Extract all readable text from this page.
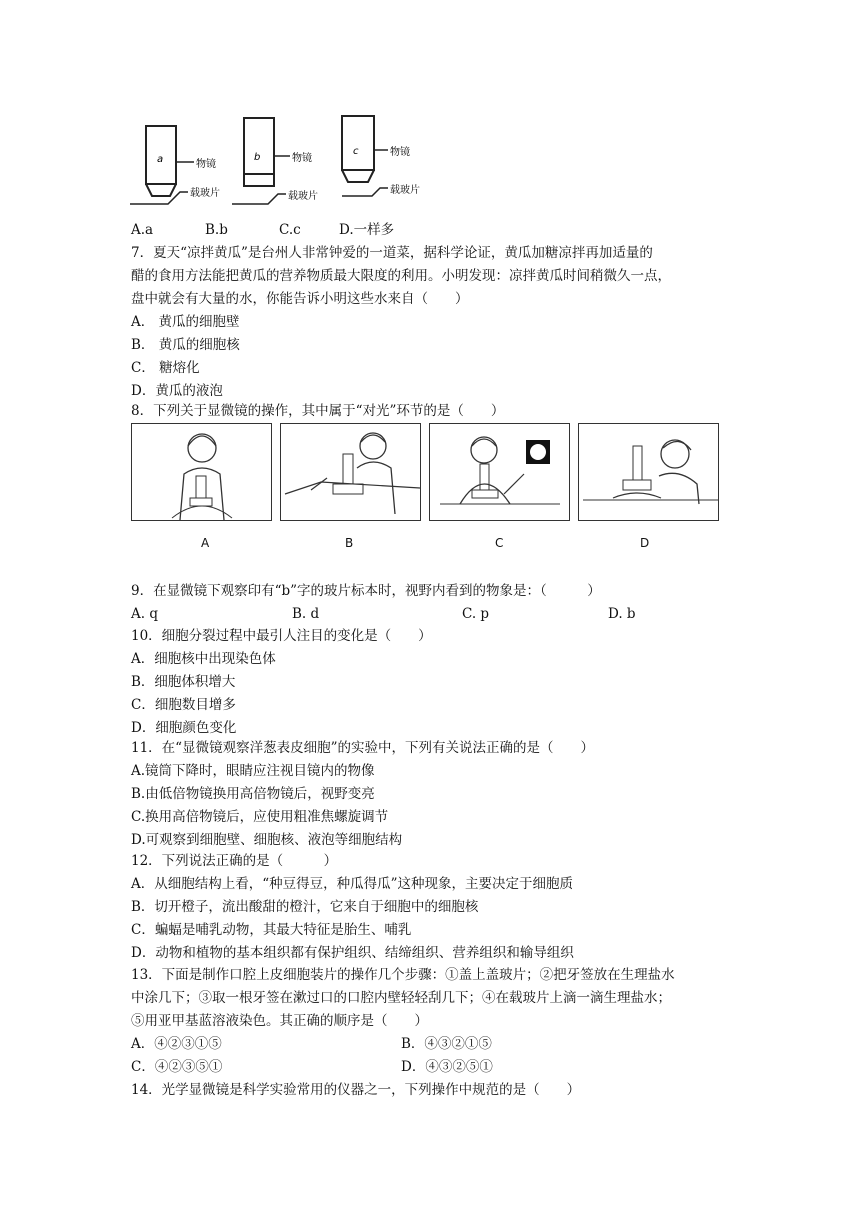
a	物镜
载玻片
b	物镜
载玻片
c	物镜
载玻片
A.a	B.b	C.c	D.一样多
7．夏天“凉拌黄瓜”是台州人非常钟爱的一道菜，据科学论证，黄瓜加糖凉拌再加适量的
醋的食用方法能把黄瓜的营养物质最大限度的利用。小明发现：凉拌黄瓜时间稍微久一点，
盘中就会有大量的水，你能告诉小明这些水来自（　　）
A． 黄瓜的细胞壁
B． 黄瓜的细胞核
C． 糖熔化
D．黄瓜的液泡
8．下列关于显微镜的操作，其中属于“对光”环节的是（　　）
A	B	C	D
9．在显微镜下观察印有“b”字的玻片标本时，视野内看到的物象是：（　　　）
A. q	B. d	C. p	D. b
10．细胞分裂过程中最引人注目的变化是（　　）
A．细胞核中出现染色体
B．细胞体积增大
C．细胞数目增多
D．细胞颜色变化
11．在“显微镜观察洋葱表皮细胞”的实验中，下列有关说法正确的是（　　）
A.镜筒下降时，眼睛应注视目镜内的物像
B.由低倍物镜换用高倍物镜后，视野变亮
C.换用高倍物镜后，应使用粗准焦螺旋调节
D.可观察到细胞壁、细胞核、液泡等细胞结构
12．下列说法正确的是（　　　）
A．从细胞结构上看，“种豆得豆，种瓜得瓜”这种现象，主要决定于细胞质
B．切开橙子，流出酸甜的橙汁，它来自于细胞中的细胞核
C．蝙蝠是哺乳动物，其最大特征是胎生、哺乳
D．动物和植物的基本组织都有保护组织、结缔组织、营养组织和输导组织
13．下面是制作口腔上皮细胞装片的操作几个步骤：①盖上盖玻片；②把牙签放在生理盐水
中涂几下；③取一根牙签在漱过口的口腔内壁轻轻刮几下；④在载玻片上滴一滴生理盐水；
⑤用亚甲基蓝溶液染色。其正确的顺序是（　　）
A．④②③①⑤	B．④③②①⑤
C．④②③⑤①	D．④③②⑤①
14．光学显微镜是科学实验常用的仪器之一，下列操作中规范的是（　　）
